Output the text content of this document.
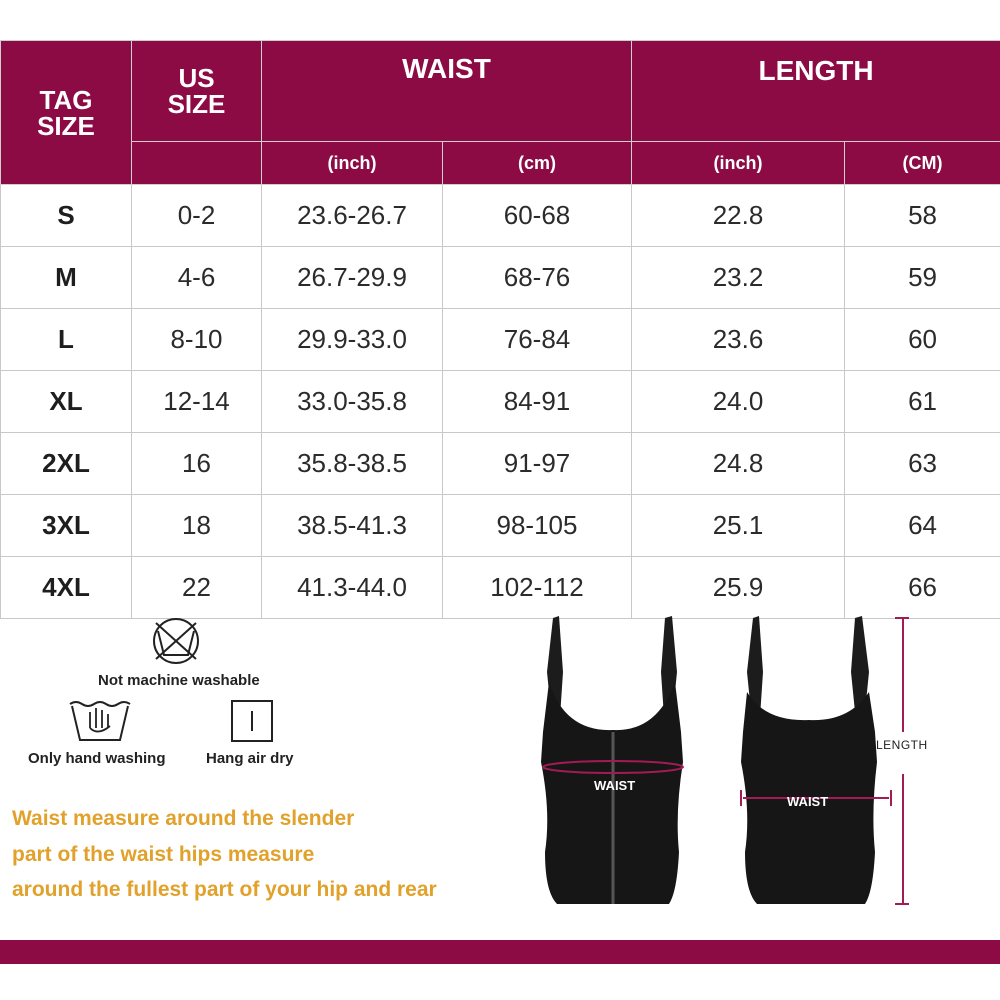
TAG SIZE	US SIZE	WAIST		LENGTH	
		(inch)	(cm)	(inch)	(CM)
S	0-2	23.6-26.7	60-68	22.8	58
M	4-6	26.7-29.9	68-76	23.2	59
L	8-10	29.9-33.0	76-84	23.6	60
XL	12-14	33.0-35.8	84-91	24.0	61
2XL	16	35.8-38.5	91-97	24.8	63
3XL	18	38.5-41.3	98-105	25.1	64
4XL	22	41.3-44.0	102-112	25.9	66
Not machine washable
Only hand washing	Hang air dry
Waist measure around the slender
part of the waist hips measure
around the fullest part of your hip and rear
WAIST
WAIST
LENGTH
